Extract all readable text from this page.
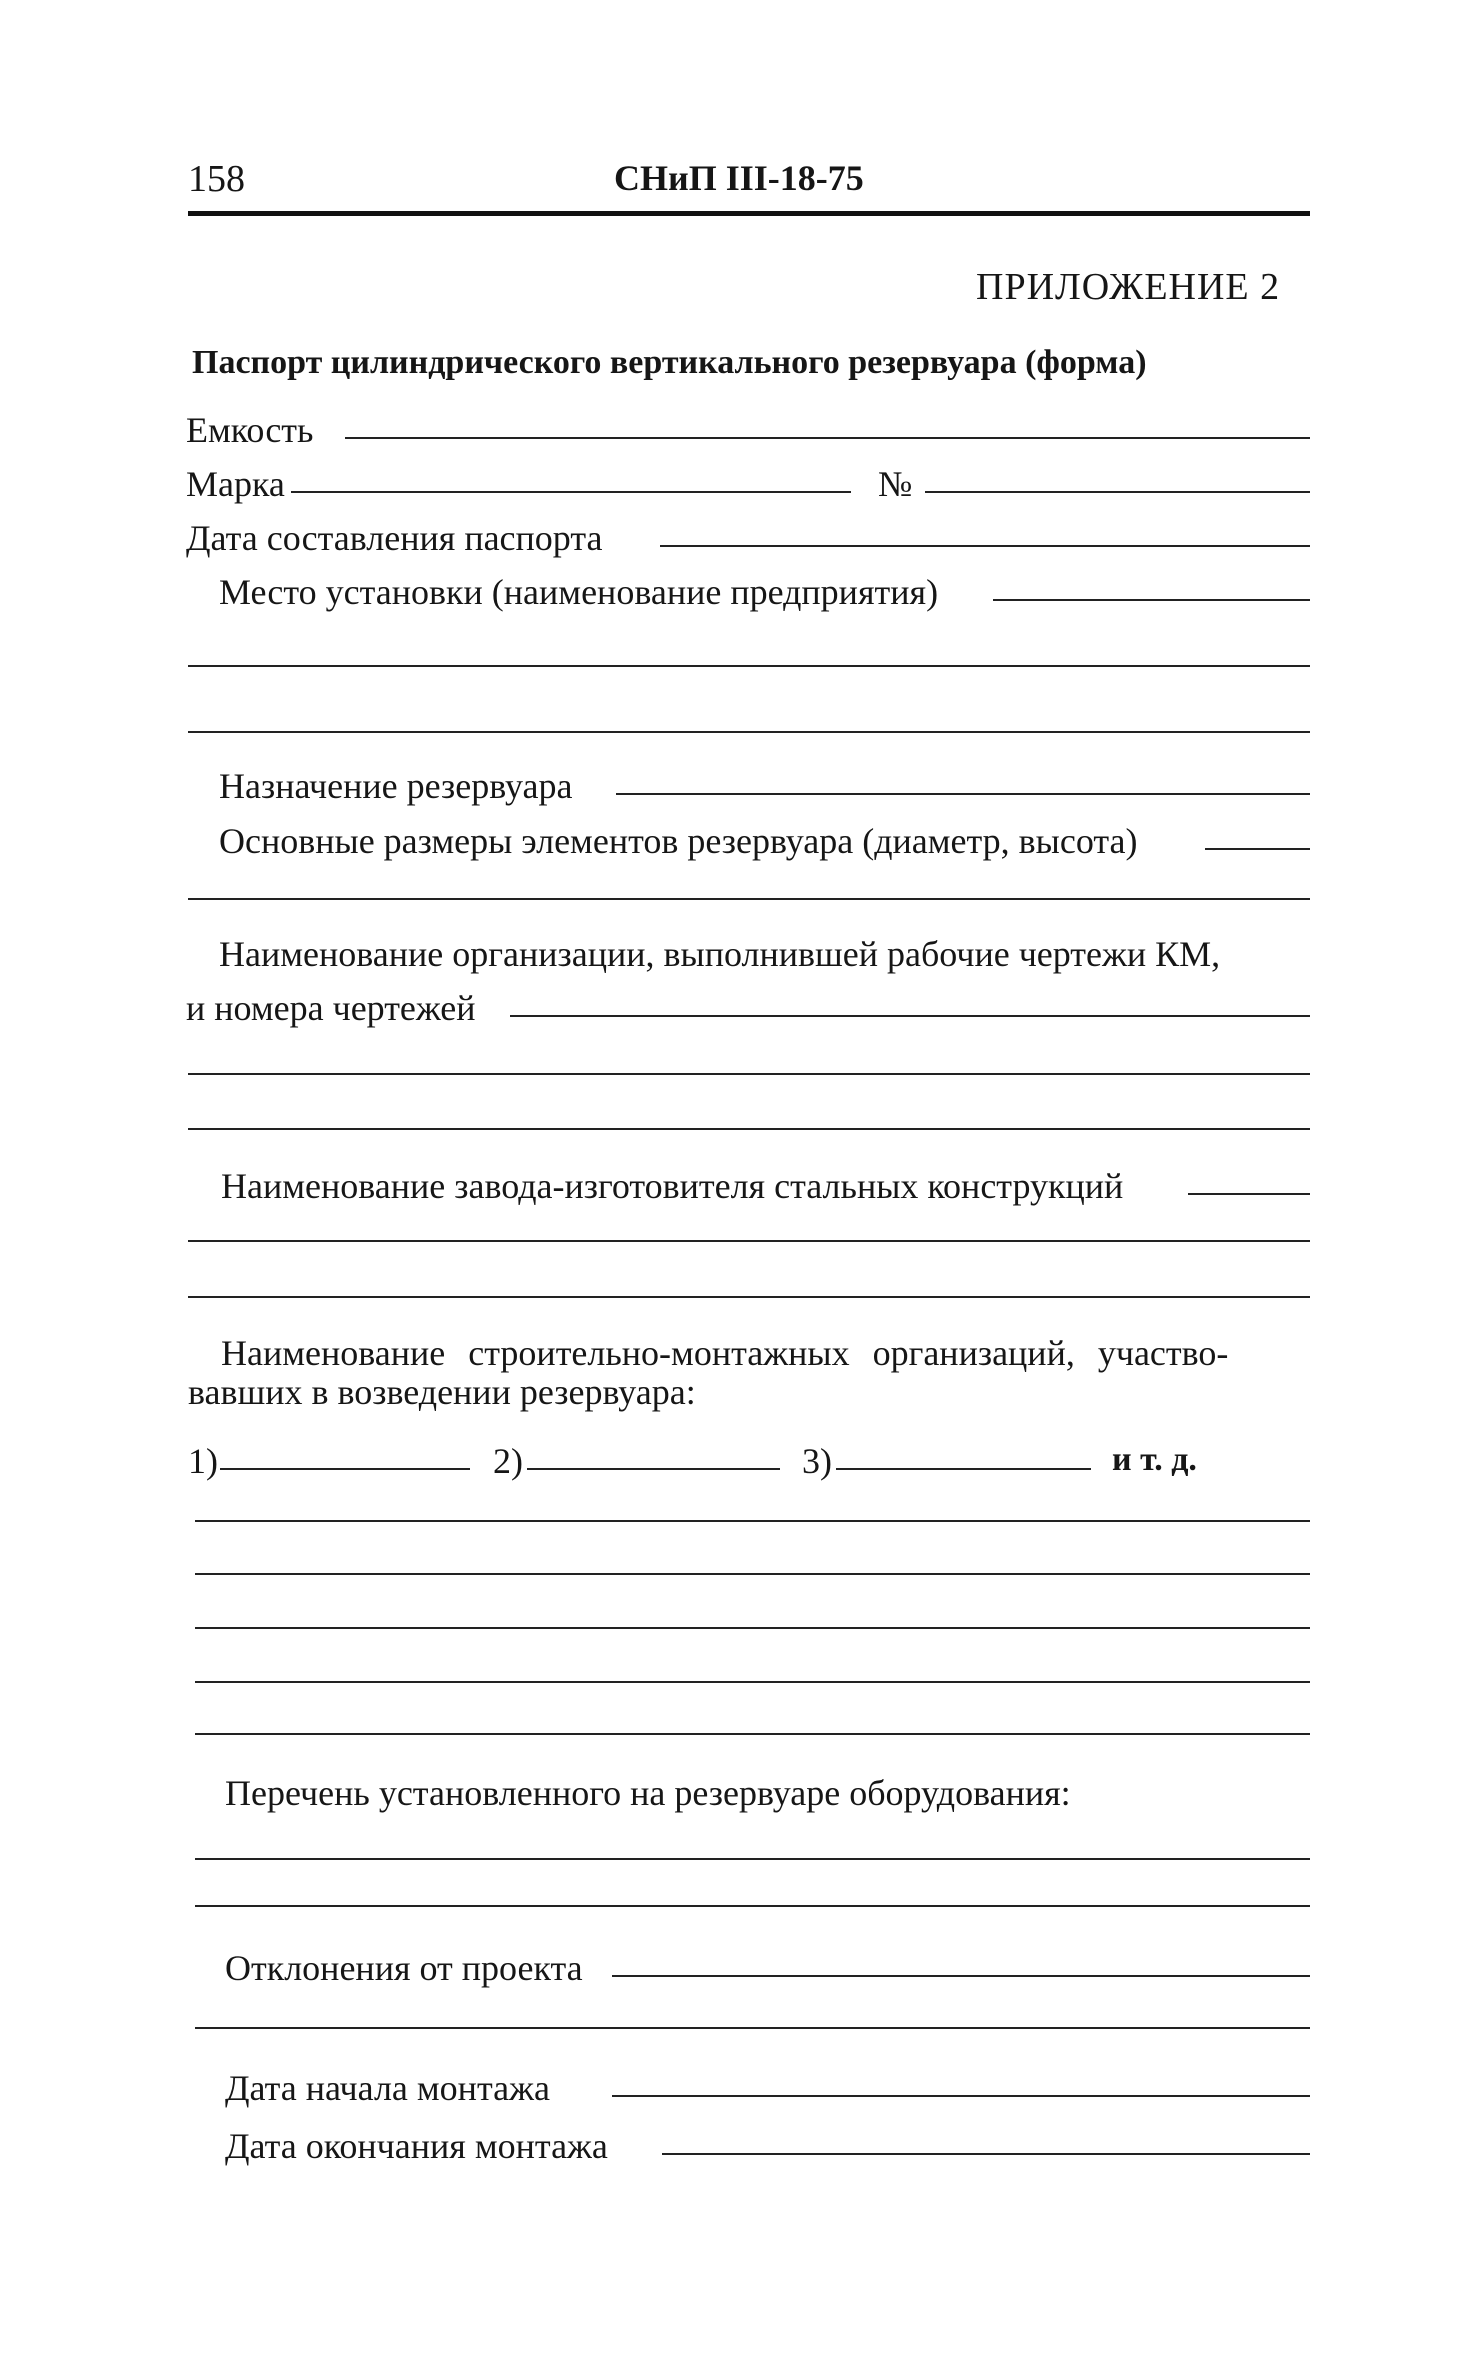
158	СНиП III-18-75
ПРИЛОЖЕНИЕ 2
Паспорт цилиндрического вертикального резервуара (форма)
Емкость
Марка	№
Дата составления паспорта
Место установки (наименование предприятия)
Назначение резервуара
Основные размеры элементов резервуара (диаметр, высота)
Наименование организации, выполнившей рабочие чертежи КМ,
и номера чертежей
Наименование завода-изготовителя стальных конструкций
Наименование строительно-монтажных организаций, участво-
вавших в возведении резервуара:
1)	2)	3)	и т. д.
Перечень установленного на резервуаре оборудования:
Отклонения от проекта
Дата начала монтажа
Дата окончания монтажа
